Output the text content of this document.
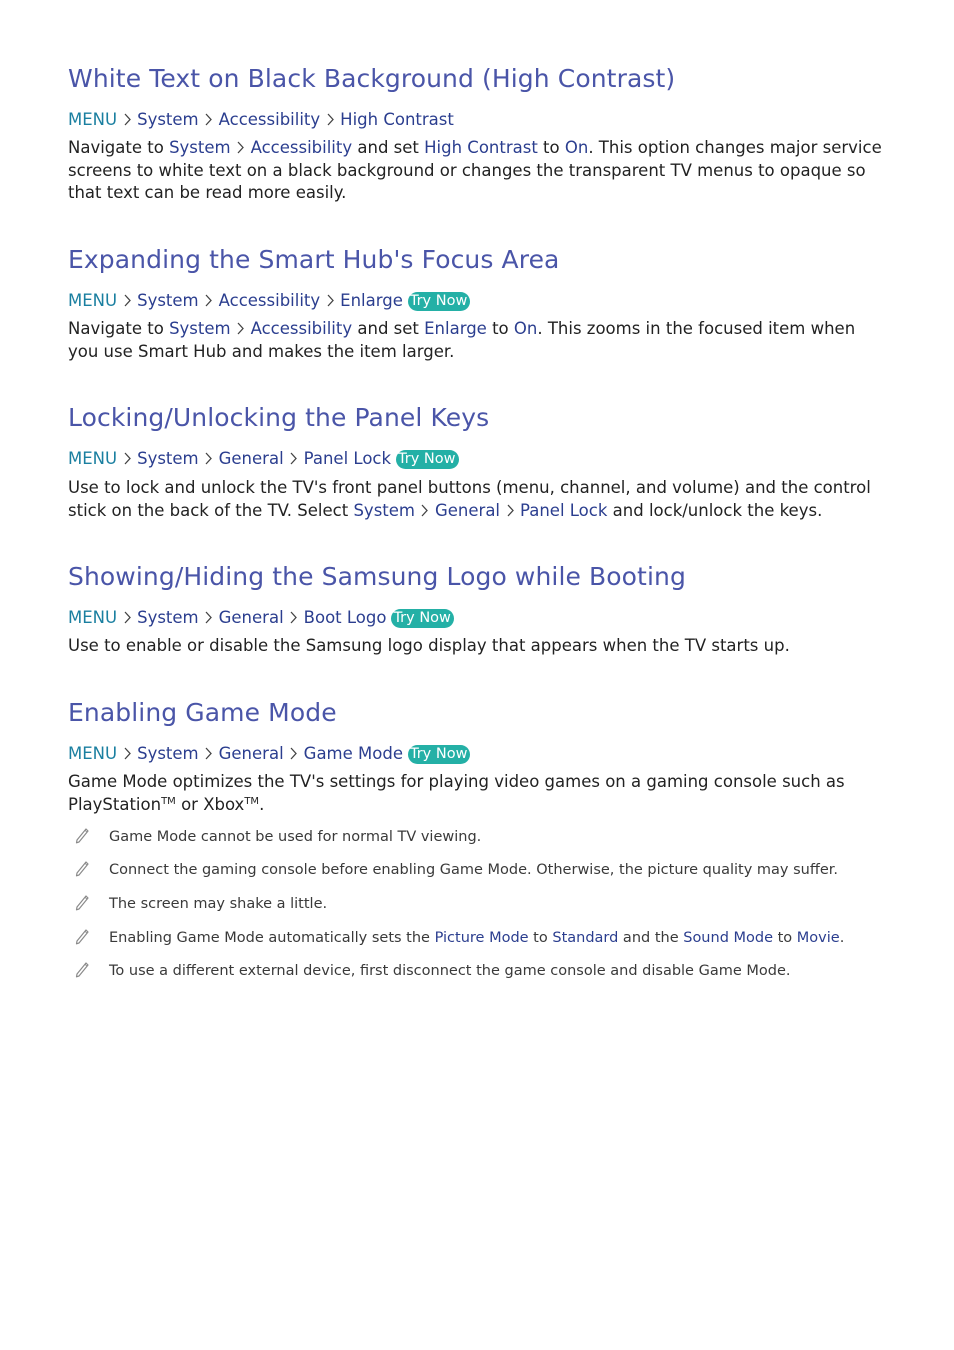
White Text on Black Background (High Contrast)
MENU System Accessibility High Contrast

Navigate to System Accessibility and set High Contrast to On. This option changes major service screens to white text on a black background or changes the transparent TV menus to opaque so that text can be read more easily.

Expanding the Smart Hub's Focus Area
MENU System Accessibility Enlarge Try Now

Navigate to System Accessibility and set Enlarge to On. This zooms in the focused item when you use Smart Hub and makes the item larger.

Locking/Unlocking the Panel Keys
MENU System General Panel Lock Try Now

Use to lock and unlock the TV's front panel buttons (menu, channel, and volume) and the control stick on the back of the TV. Select System General Panel Lock and lock/unlock the keys.

Showing/Hiding the Samsung Logo while Booting
MENU System General Boot Logo Try Now

Use to enable or disable the Samsung logo display that appears when the TV starts up.

Enabling Game Mode
MENU System General Game Mode Try Now

Game Mode optimizes the TV's settings for playing video games on a gaming console such as PlayStation™ or Xbox™.

Game Mode cannot be used for normal TV viewing.
Connect the gaming console before enabling Game Mode. Otherwise, the picture quality may suffer.
The screen may shake a little.
Enabling Game Mode automatically sets the Picture Mode to Standard and the Sound Mode to Movie.
To use a different external device, first disconnect the game console and disable Game Mode.
